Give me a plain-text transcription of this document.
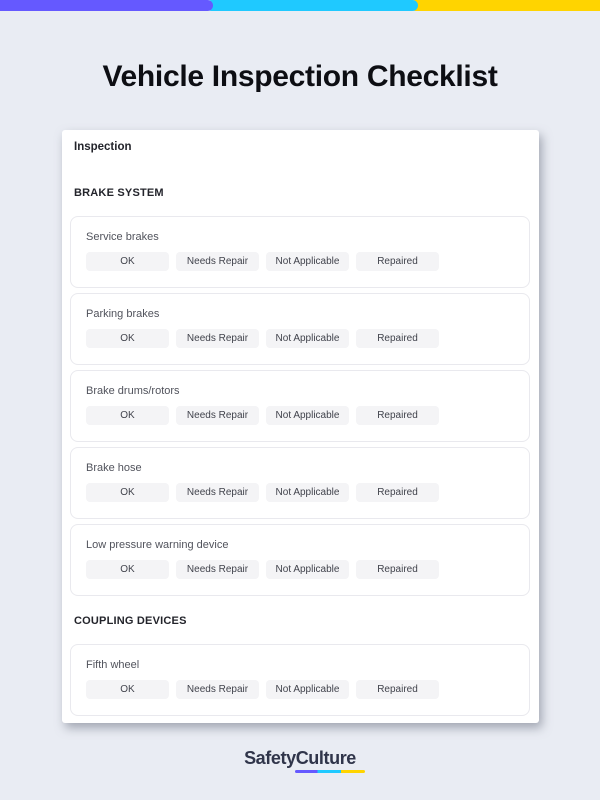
Vehicle Inspection Checklist
Inspection
BRAKE SYSTEM
Service brakes
OK	Needs Repair	Not Applicable	Repaired
Parking brakes
OK	Needs Repair	Not Applicable	Repaired
Brake drums/rotors
OK	Needs Repair	Not Applicable	Repaired
Brake hose
OK	Needs Repair	Not Applicable	Repaired
Low pressure warning device
OK	Needs Repair	Not Applicable	Repaired
COUPLING DEVICES
Fifth wheel
OK	Needs Repair	Not Applicable	Repaired
SafetyCulture
